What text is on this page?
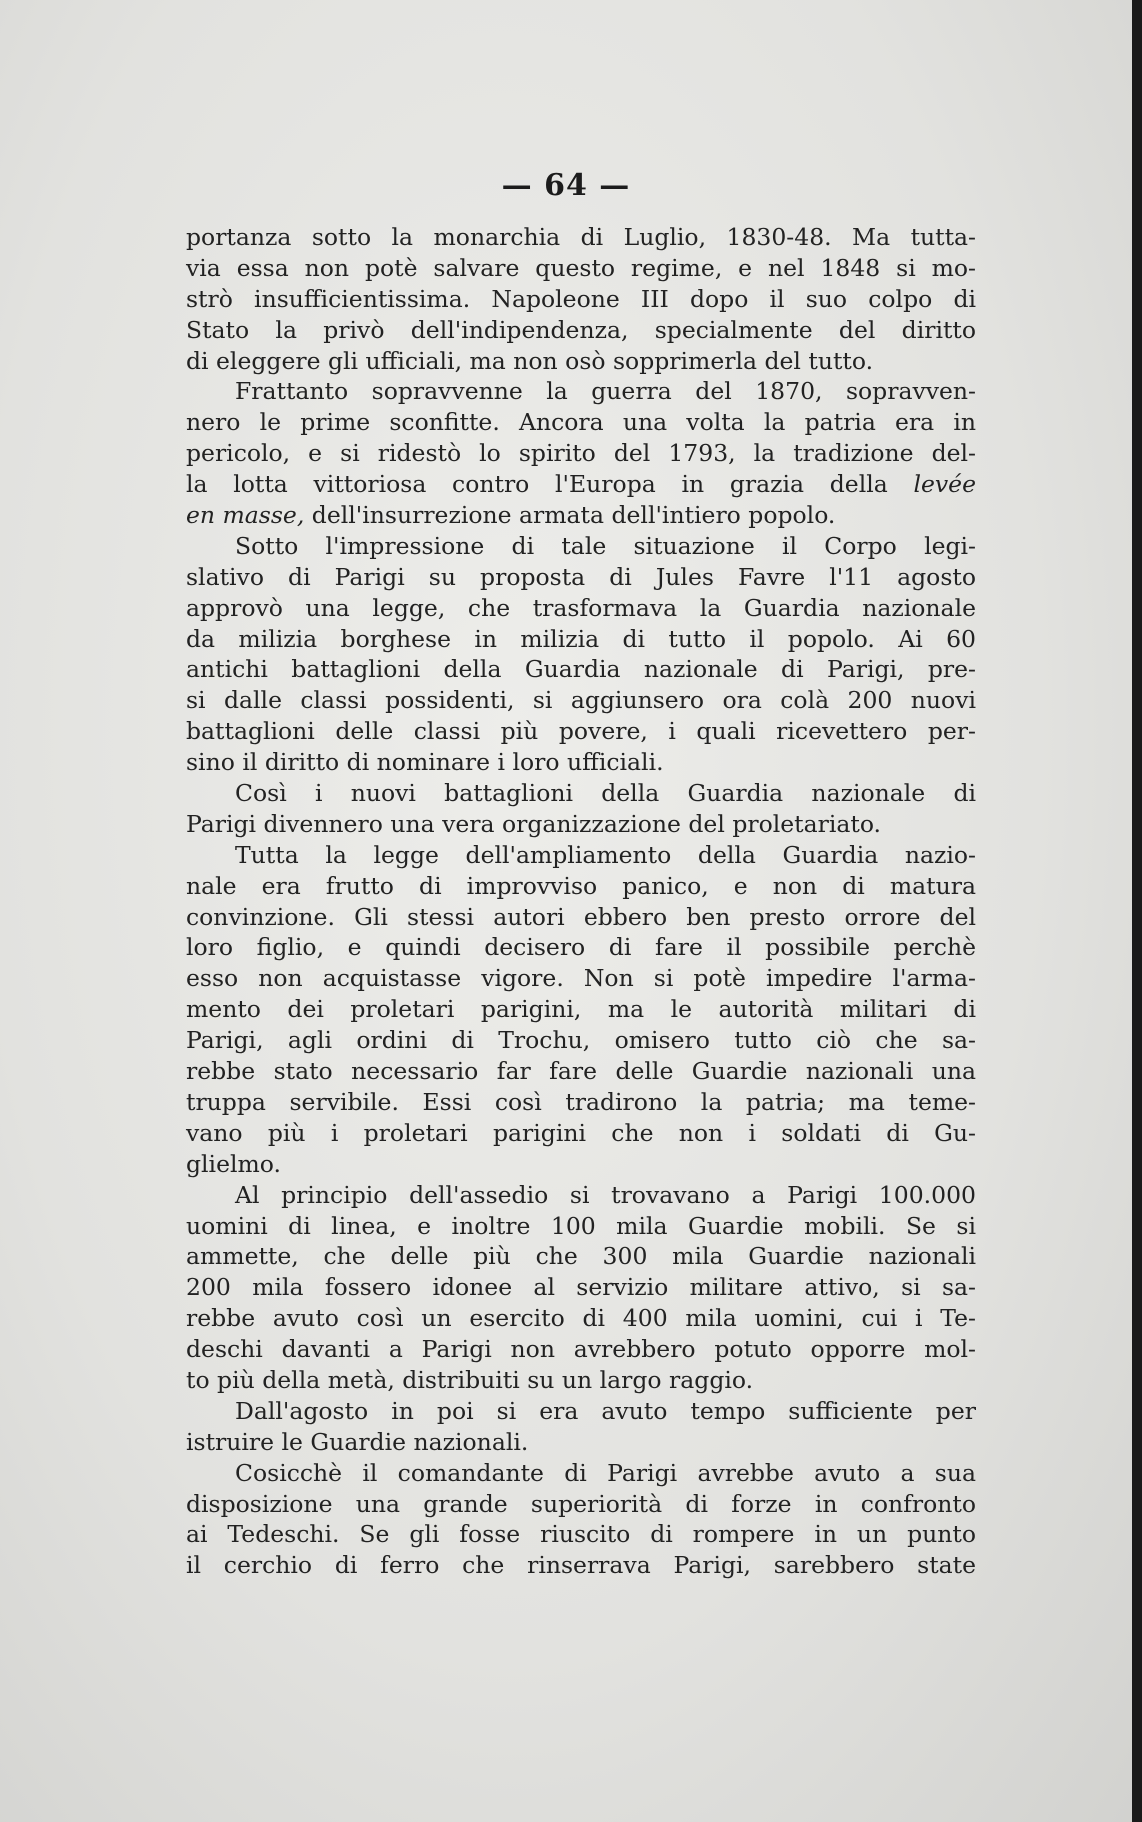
— 64 —
portanza sotto la monarchia di Luglio, 1830-48. Ma tutta-
via essa non potè salvare questo regime, e nel 1848 si mo-
strò insufficientissima. Napoleone III dopo il suo colpo di
Stato la privò dell'indipendenza, specialmente del diritto
di eleggere gli ufficiali, ma non osò sopprimerla del tutto.
Frattanto sopravvenne la guerra del 1870, sopravven-
nero le prime sconfitte. Ancora una volta la patria era in
pericolo, e si ridestò lo spirito del 1793, la tradizione del-
la lotta vittoriosa contro l'Europa in grazia della levée
en masse, dell'insurrezione armata dell'intiero popolo.
Sotto l'impressione di tale situazione il Corpo legi-
slativo di Parigi su proposta di Jules Favre l'11 agosto
approvò una legge, che trasformava la Guardia nazionale
da milizia borghese in milizia di tutto il popolo. Ai 60
antichi battaglioni della Guardia nazionale di Parigi, pre-
si dalle classi possidenti, si aggiunsero ora colà 200 nuovi
battaglioni delle classi più povere, i quali ricevettero per-
sino il diritto di nominare i loro ufficiali.
Così i nuovi battaglioni della Guardia nazionale di
Parigi divennero una vera organizzazione del proletariato.
Tutta la legge dell'ampliamento della Guardia nazio-
nale era frutto di improvviso panico, e non di matura
convinzione. Gli stessi autori ebbero ben presto orrore del
loro figlio, e quindi decisero di fare il possibile perchè
esso non acquistasse vigore. Non si potè impedire l'arma-
mento dei proletari parigini, ma le autorità militari di
Parigi, agli ordini di Trochu, omisero tutto ciò che sa-
rebbe stato necessario far fare delle Guardie nazionali una
truppa servibile. Essi così tradirono la patria; ma teme-
vano più i proletari parigini che non i soldati di Gu-
glielmo.
Al principio dell'assedio si trovavano a Parigi 100.000
uomini di linea, e inoltre 100 mila Guardie mobili. Se si
ammette, che delle più che 300 mila Guardie nazionali
200 mila fossero idonee al servizio militare attivo, si sa-
rebbe avuto così un esercito di 400 mila uomini, cui i Te-
deschi davanti a Parigi non avrebbero potuto opporre mol-
to più della metà, distribuiti su un largo raggio.
Dall'agosto in poi si era avuto tempo sufficiente per
istruire le Guardie nazionali.
Cosicchè il comandante di Parigi avrebbe avuto a sua
disposizione una grande superiorità di forze in confronto
ai Tedeschi. Se gli fosse riuscito di rompere in un punto
il cerchio di ferro che rinserrava Parigi, sarebbero state
